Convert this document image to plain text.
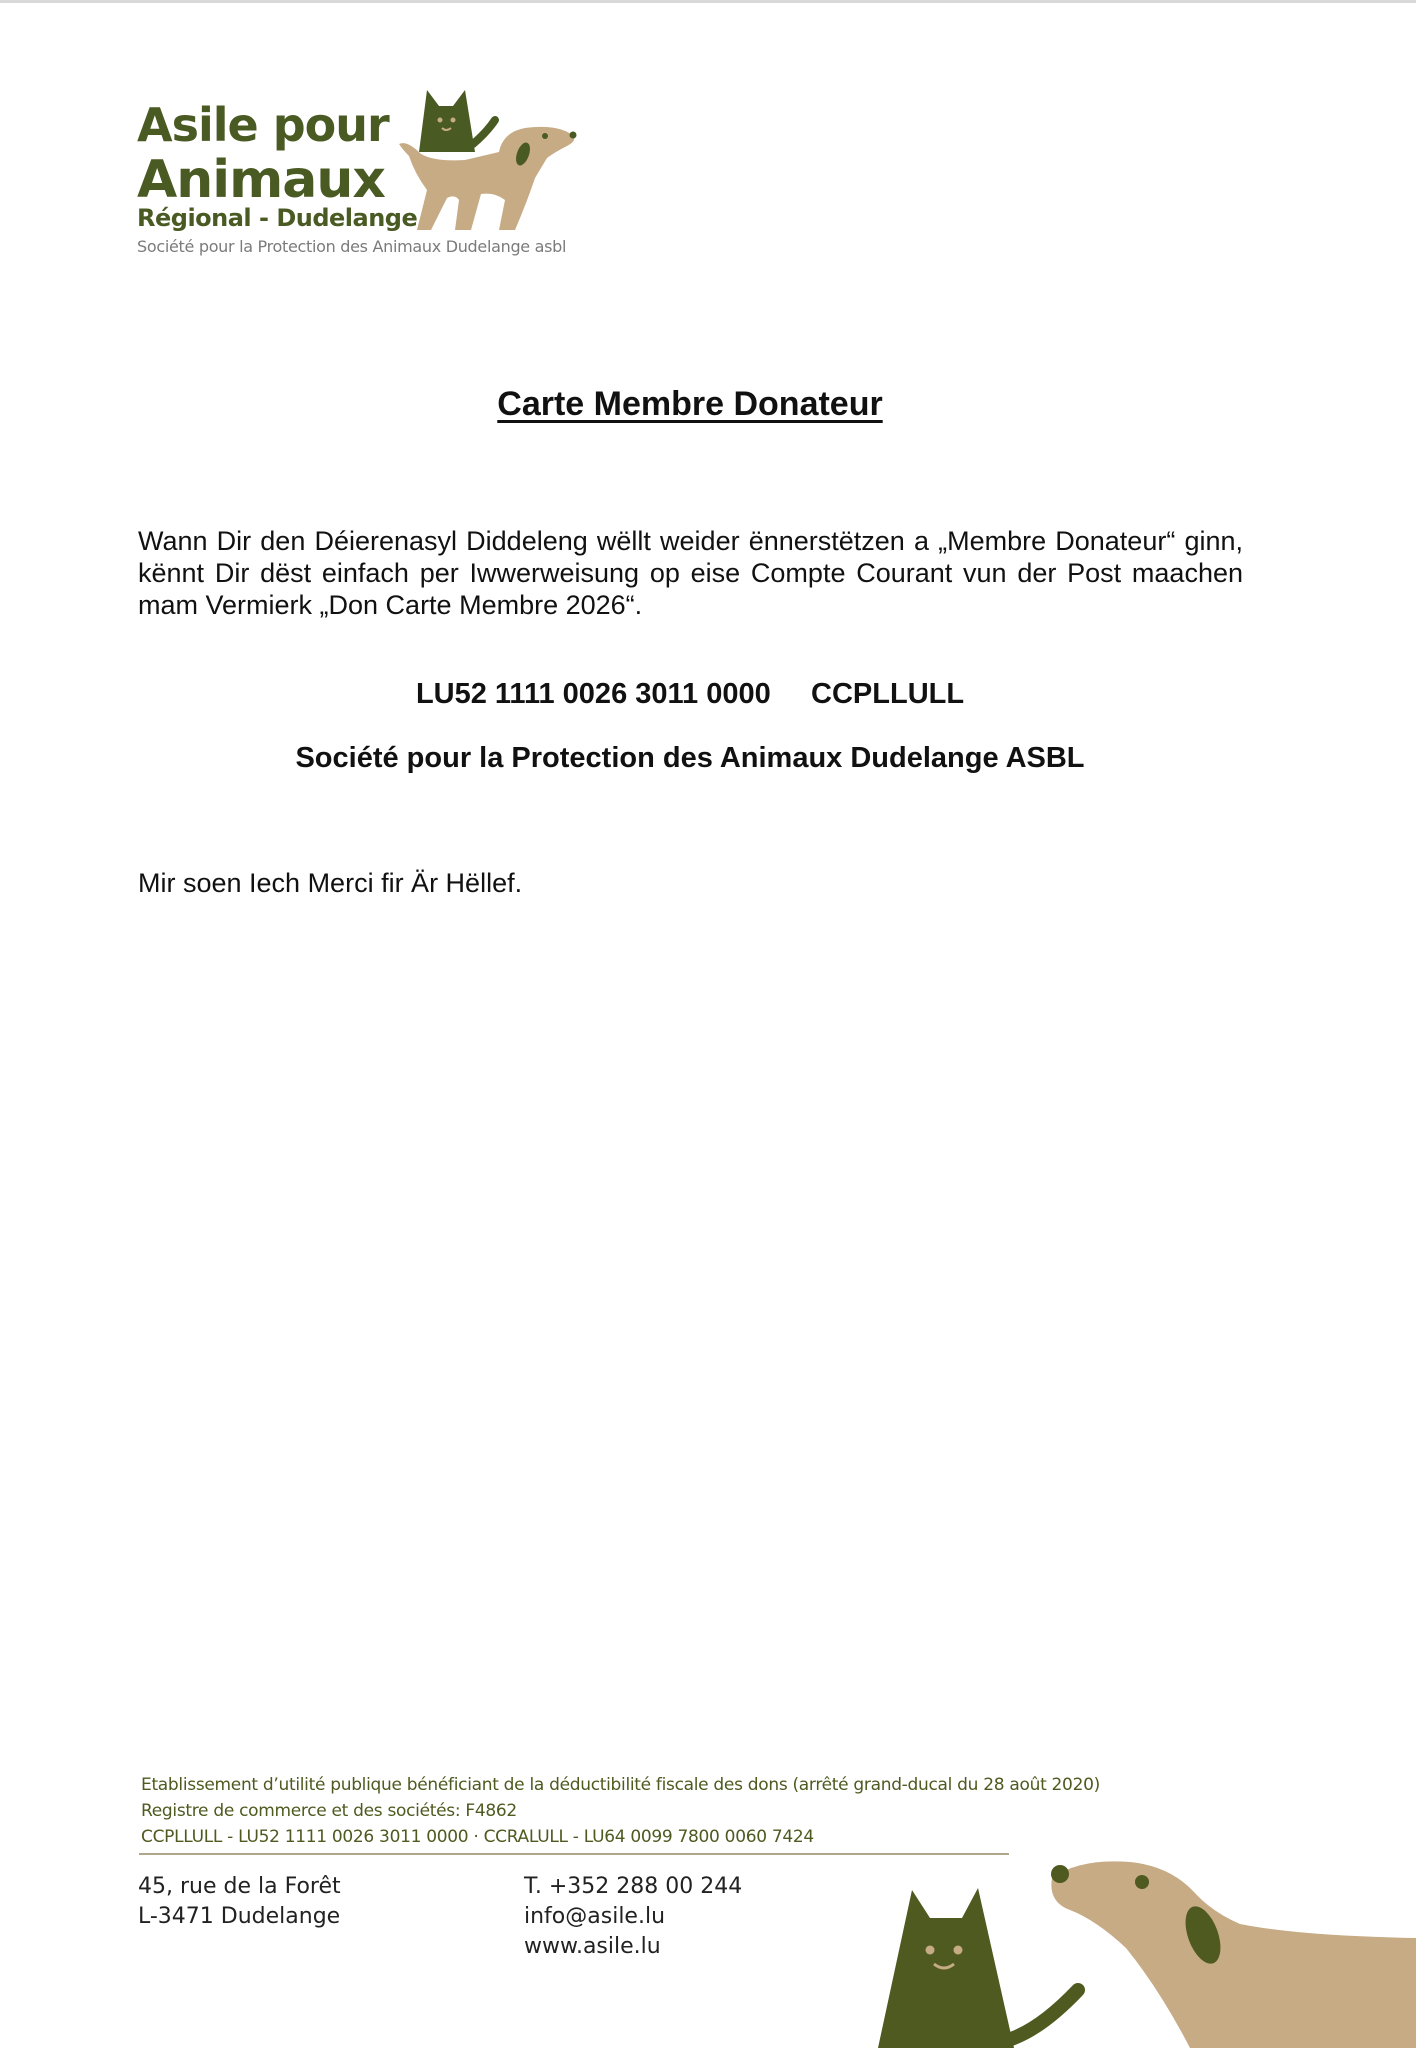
Asile pour
Animaux
Régional - Dudelange
Société pour la Protection des Animaux Dudelange asbl
Carte Membre Donateur

Wann Dir den Déierenasyl Diddeleng wëllt weider ënnerstëtzen a „Membre Donateur“ ginn, kënnt Dir dëst einfach per Iwwerweisung op eise Compte Courant vun der Post maachen mam Vermierk „Don Carte Membre 2026“.

LU52 1111 0026 3011 0000 CCPLLULL
Société pour la Protection des Animaux Dudelange ASBL
Mir soen Iech Merci fir Är Hëllef.
Etablissement d’utilité publique bénéficiant de la déductibilité fiscale des dons (arrêté grand-ducal du 28 août 2020)
Registre de commerce et des sociétés: F4862
CCPLLULL - LU52 1111 0026 3011 0000 · CCRALULL - LU64 0099 7800 0060 7424
45, rue de la Forêt
L-3471 Dudelange
T. +352 288 00 244
info@asile.lu
www.asile.lu
